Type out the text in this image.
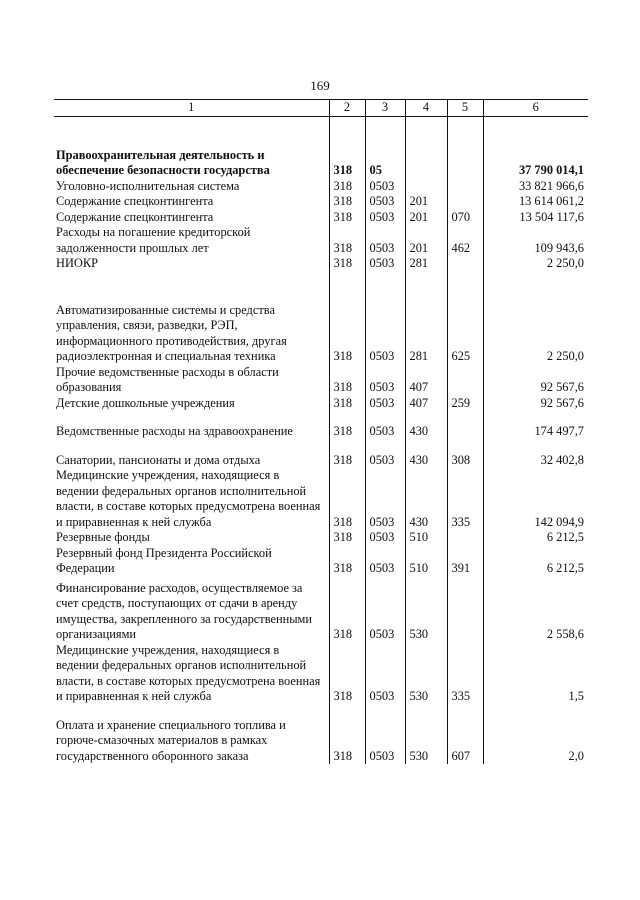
169
1	2	3	4	5	6
Правоохранительная деятельность и обеспечение безопасности государства	318	05			37 790 014,1
Уголовно-исполнительная система	318	0503			33 821 966,6
Содержание спецконтингента	318	0503	201		13 614 061,2
Содержание спецконтингента	318	0503	201	070	13 504 117,6
Расходы на погашение кредиторской задолженности прошлых лет	318	0503	201	462	109 943,6
НИОКР	318	0503	281		2 250,0
Автоматизированные системы и средства управления, связи, разведки, РЭП, информационного противодействия, другая радиоэлектронная и специальная техника	318	0503	281	625	2 250,0
Прочие ведомственные расходы в области образования	318	0503	407		92 567,6
Детские дошкольные учреждения	318	0503	407	259	92 567,6
Ведомственные расходы на здравоохранение	318	0503	430		174 497,7
Санатории, пансионаты и дома отдыха	318	0503	430	308	32 402,8
Медицинские учреждения, находящиеся в ведении федеральных органов исполнительной власти, в составе которых предусмотрена военная и приравненная к ней служба	318	0503	430	335	142 094,9
Резервные фонды	318	0503	510		6 212,5
Резервный фонд Президента Российской Федерации	318	0503	510	391	6 212,5
Финансирование расходов, осуществляемое за счет средств, поступающих от сдачи в аренду имущества, закрепленного за государственными организациями	318	0503	530		2 558,6
Медицинские учреждения, находящиеся в ведении федеральных органов исполнительной власти, в составе которых предусмотрена военная и приравненная к ней служба	318	0503	530	335	1,5
Оплата и хранение специального топлива и горюче-смазочных материалов в рамках государственного оборонного заказа	318	0503	530	607	2,0
